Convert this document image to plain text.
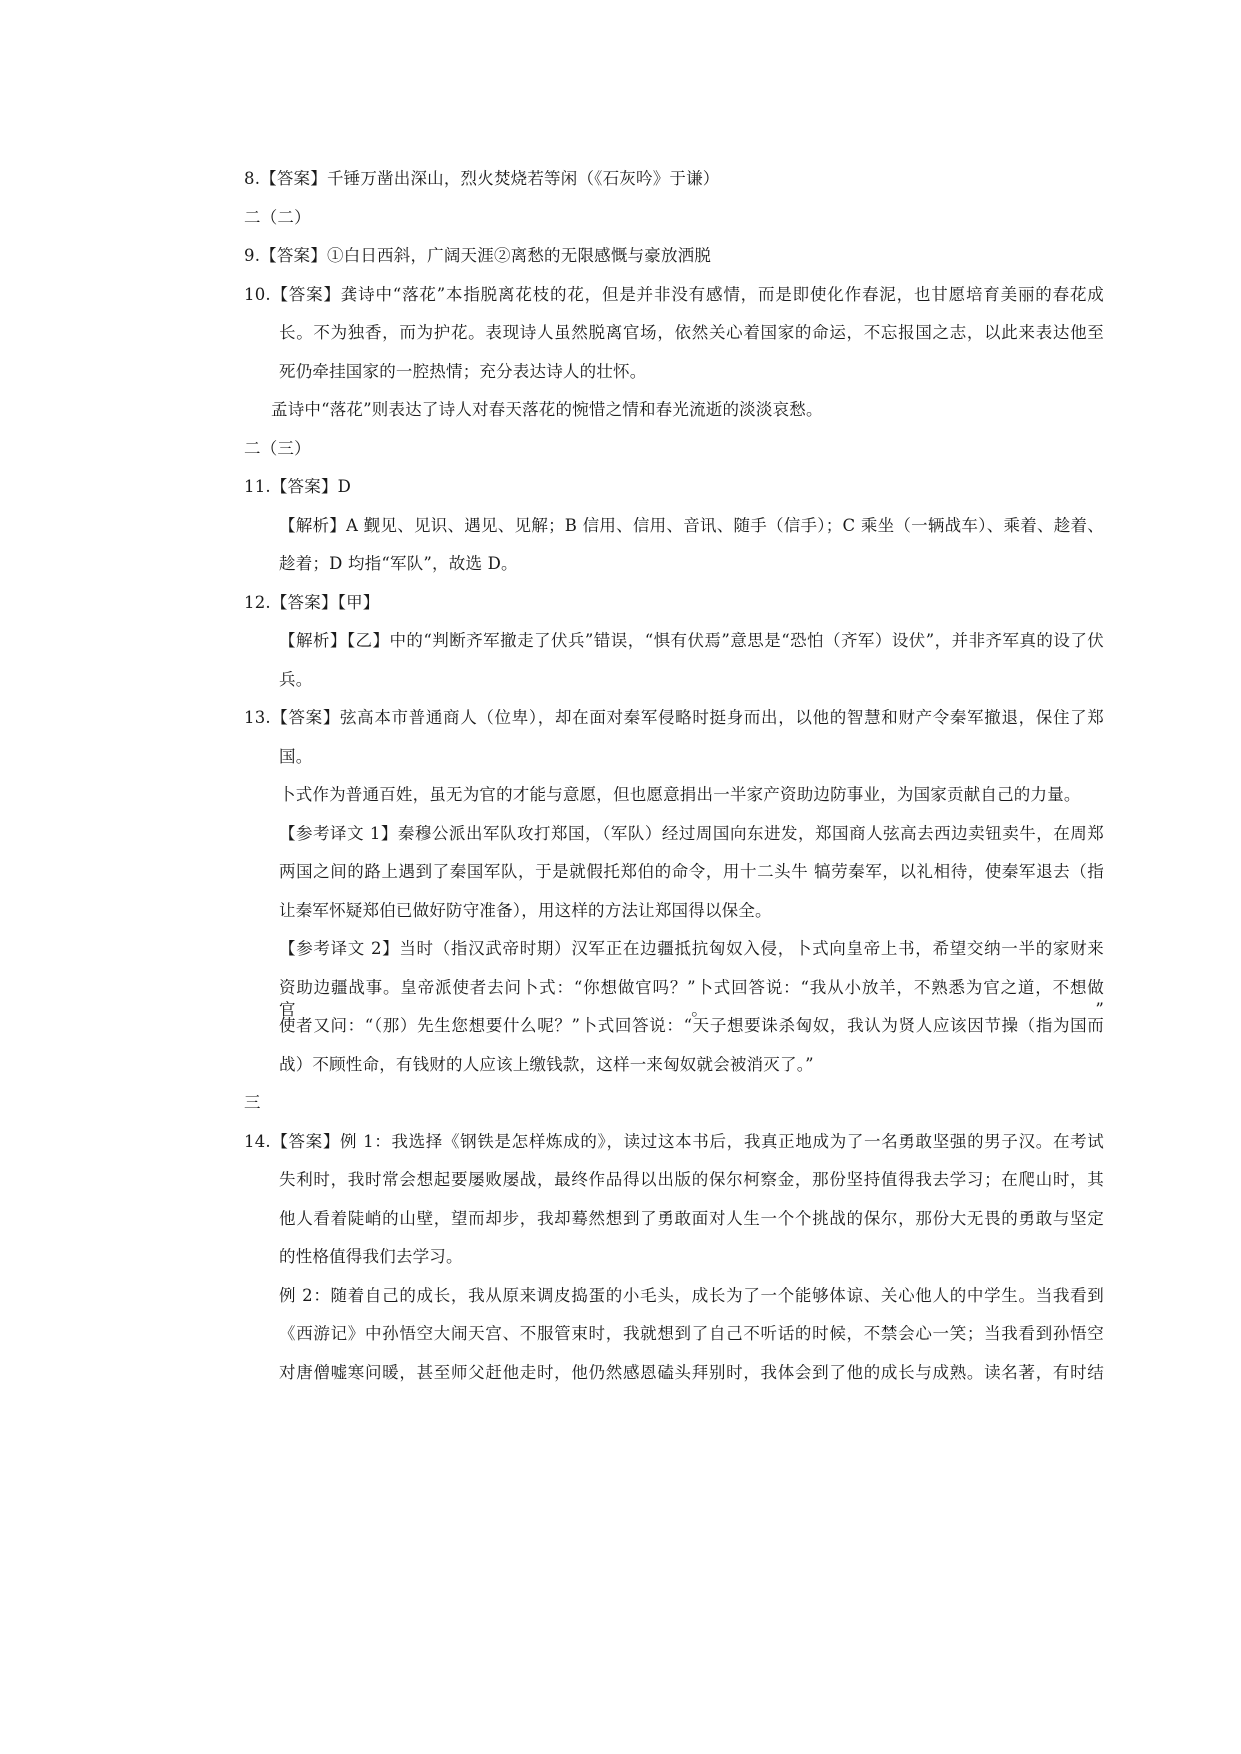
8.【答案】千锤万凿出深山，烈火焚烧若等闲（《石灰吟》于谦）
二（二）
9.【答案】①白日西斜，广阔天涯②离愁的无限感慨与豪放洒脱
10.【答案】龚诗中“落花”本指脱离花枝的花，但是并非没有感情，而是即使化作春泥，也甘愿培育美丽的春花成
长。不为独香，而为护花。表现诗人虽然脱离官场，依然关心着国家的命运，不忘报国之志，以此来表达他至
死仍牵挂国家的一腔热情；充分表达诗人的壮怀。
孟诗中“落花”则表达了诗人对春天落花的惋惜之情和春光流逝的淡淡哀愁。
二（三）
11.【答案】D
【解析】A 觐见、见识、遇见、见解；B 信用、信用、音讯、随手（信手）；C 乘坐（一辆战车）、乘着、趁着、
趁着；D 均指“军队”，故选 D。
12.【答案】【甲】
【解析】【乙】中的“判断齐军撤走了伏兵”错误，“惧有伏焉”意思是“恐怕（齐军）设伏”，并非齐军真的设了伏
兵。
13.【答案】弦高本市普通商人（位卑），却在面对秦军侵略时挺身而出，以他的智慧和财产令秦军撤退，保住了郑
国。
卜式作为普通百姓，虽无为官的才能与意愿，但也愿意捐出一半家产资助边防事业，为国家贡献自己的力量。
【参考译文 1】秦穆公派出军队攻打郑国，（军队）经过周国向东进发，郑国商人弦高去西边卖钮卖牛，在周郑
两国之间的路上遇到了秦国军队，于是就假托郑伯的命令，用十二头牛 犒劳秦军，以礼相待，使秦军退去（指
让秦军怀疑郑伯已做好防守准备），用这样的方法让郑国得以保全。
【参考译文 2】当时（指汉武帝时期）汉军正在边疆抵抗匈奴入侵，卜式向皇帝上书，希望交纳一半的家财来
资助边疆战事。皇帝派使者去问卜式：“你想做官吗？”卜式回答说：“我从小放羊，不熟悉为官之道，不想做官。”
使者又问：“（那）先生您想要什么呢？”卜式回答说：“天子想要诛杀匈奴，我认为贤人应该因节操（指为国而
战）不顾性命，有钱财的人应该上缴钱款，这样一来匈奴就会被消灭了。”
三
14.【答案】例 1：我选择《钢铁是怎样炼成的》，读过这本书后，我真正地成为了一名勇敢坚强的男子汉。在考试
失利时，我时常会想起要屡败屡战，最终作品得以出版的保尔柯察金，那份坚持值得我去学习；在爬山时，其
他人看着陡峭的山壁，望而却步，我却蓦然想到了勇敢面对人生一个个挑战的保尔，那份大无畏的勇敢与坚定
的性格值得我们去学习。
例 2：随着自己的成长，我从原来调皮捣蛋的小毛头，成长为了一个能够体谅、关心他人的中学生。当我看到
《西游记》中孙悟空大闹天宫、不服管束时，我就想到了自己不听话的时候，不禁会心一笑；当我看到孙悟空
对唐僧嘘寒问暖，甚至师父赶他走时，他仍然感恩磕头拜别时，我体会到了他的成长与成熟。读名著，有时结
